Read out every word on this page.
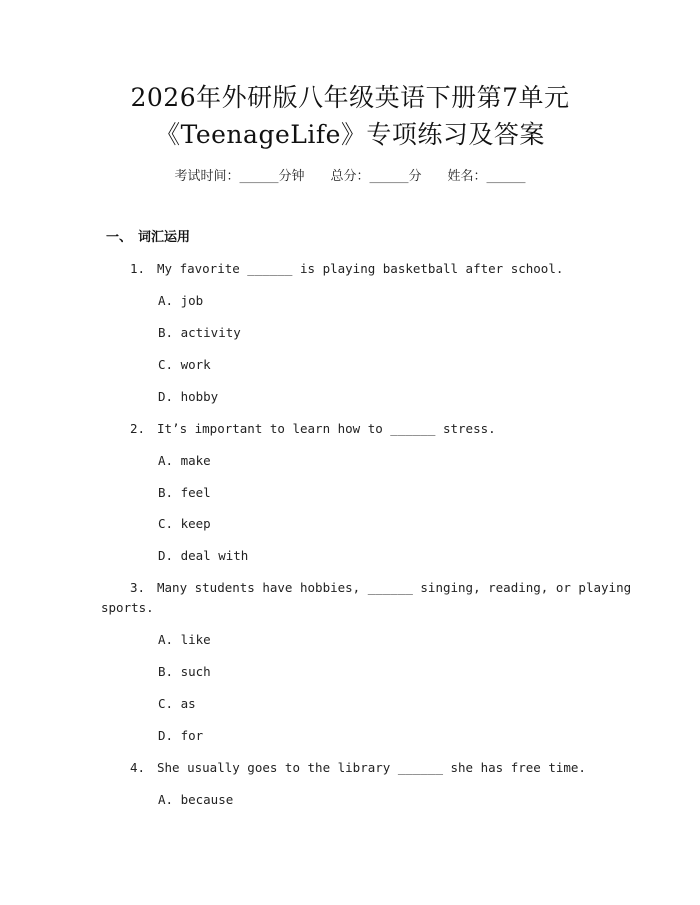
2026年外研版八年级英语下册第7单元
《TeenageLife》专项练习及答案
考试时间：______分钟 总分：______分 姓名：______
一、 词汇运用
1. My favorite ______ is playing basketball after school.
A. job
B. activity
C. work
D. hobby
2. It’s important to learn how to ______ stress.
A. make
B. feel
C. keep
D. deal with
3. Many students have hobbies, ______ singing, reading, or playing
sports.
A. like
B. such
C. as
D. for
4. She usually goes to the library ______ she has free time.
A. because
